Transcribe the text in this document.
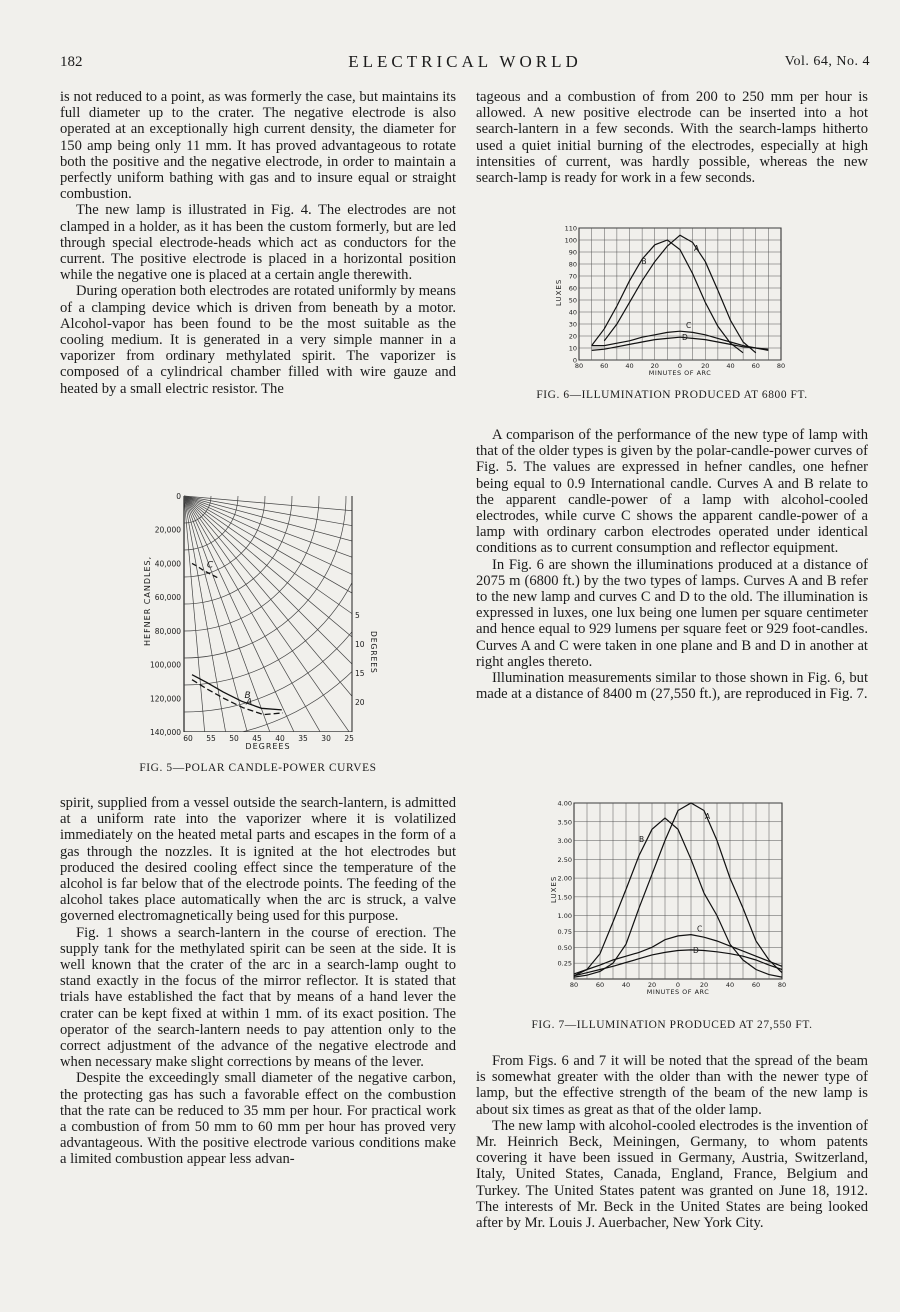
182	ELECTRICAL WORLD	Vol. 64, No. 4

is not reduced to a point, as was formerly the case, but maintains its full diameter up to the crater. The negative electrode is also operated at an exceptionally high current density, the diameter for 150 amp being only 11 mm. It has proved advantageous to rotate both the positive and the negative electrode, in order to maintain a perfectly uniform bathing with gas and to insure equal or straight combustion.

The new lamp is illustrated in Fig. 4. The electrodes are not clamped in a holder, as it has been the custom formerly, but are led through special electrode-heads which act as conductors for the current. The positive electrode is placed in a horizontal position while the negative one is placed at a certain angle therewith.

During operation both electrodes are rotated uniformly by means of a clamping device which is driven from beneath by a motor. Alcohol-vapor has been found to be the most suitable as the cooling medium. It is generated in a very simple manner in a vaporizer from ordinary methylated spirit. The vaporizer is composed of a cylindrical chamber filled with wire gauze and heated by a small electric resistor. The

0
20,000
40,000
60,000
80,000
100,000
120,000
140,000
60 55 50 45 40 35 30 25
5
10
15
20
HEFNER CANDLES,
DEGREES
DEGREES
A
B
C
FIG. 5—POLAR CANDLE-POWER CURVES

spirit, supplied from a vessel outside the search-lantern, is admitted at a uniform rate into the vaporizer where it is volatilized immediately on the heated metal parts and escapes in the form of a gas through the nozzles. It is ignited at the hot electrodes but produced the desired cooling effect since the temperature of the alcohol is far below that of the electrode points. The feeding of the alcohol takes place automatically when the arc is struck, a valve governed electromagnetically being used for this purpose.

Fig. 1 shows a search-lantern in the course of erection. The supply tank for the methylated spirit can be seen at the side. It is well known that the crater of the arc in a search-lamp ought to stand exactly in the focus of the mirror reflector. It is stated that trials have established the fact that by means of a hand lever the crater can be kept fixed at within 1 mm. of its exact position. The operator of the search-lantern needs to pay attention only to the correct adjustment of the advance of the negative electrode and when necessary make slight corrections by means of the lever.

Despite the exceedingly small diameter of the negative carbon, the protecting gas has such a favorable effect on the combustion that the rate can be reduced to 35 mm per hour. For practical work a combustion of from 50 mm to 60 mm per hour has proved very advantageous. With the positive electrode various conditions make a limited combustion appear less advan-

tageous and a combustion of from 200 to 250 mm per hour is allowed. A new positive electrode can be inserted into a hot search-lantern in a few seconds. With the search-lamps hitherto used a quiet initial burning of the electrodes, especially at high intensities of current, was hardly possible, whereas the new search-lamp is ready for work in a few seconds.

0
10
20
30
40
50
60
70
80
90
100
110
80	60	40	20	0	20	40	60	80
MINUTES OF ARC
LUXES
A
B
C
D
FIG. 6—ILLUMINATION PRODUCED AT 6800 FT.

A comparison of the performance of the new type of lamp with that of the older types is given by the polar-candle-power curves of Fig. 5. The values are expressed in hefner candles, one hefner being equal to 0.9 International candle. Curves A and B relate to the apparent candle-power of a lamp with alcohol-cooled electrodes, while curve C shows the apparent candle-power of a lamp with ordinary carbon electrodes operated under identical conditions as to current consumption and reflector equipment.

In Fig. 6 are shown the illuminations produced at a distance of 2075 m (6800 ft.) by the two types of lamps. Curves A and B refer to the new lamp and curves C and D to the old. The illumination is expressed in luxes, one lux being one lumen per square centimeter and hence equal to 929 lumens per square feet or 929 foot-candles. Curves A and C were taken in one plane and B and D in another at right angles thereto.

Illumination measurements similar to those shown in Fig. 6, but made at a distance of 8400 m (27,550 ft.), are reproduced in Fig. 7.

0.25
0.50
0.75
1.00
1.50
2.00
2.50
3.00
3.50
4.00
80	60	40	20	0	20	40	60	80
MINUTES OF ARC
LUXES
A
B
C
D
FIG. 7—ILLUMINATION PRODUCED AT 27,550 FT.

From Figs. 6 and 7 it will be noted that the spread of the beam is somewhat greater with the older than with the newer type of lamp, but the effective strength of the beam of the new lamp is about six times as great as that of the older lamp.

The new lamp with alcohol-cooled electrodes is the invention of Mr. Heinrich Beck, Meiningen, Germany, to whom patents covering it have been issued in Germany, Austria, Switzerland, Italy, United States, Canada, England, France, Belgium and Turkey. The United States patent was granted on June 18, 1912. The interests of Mr. Beck in the United States are being looked after by Mr. Louis J. Auerbacher, New York City.
